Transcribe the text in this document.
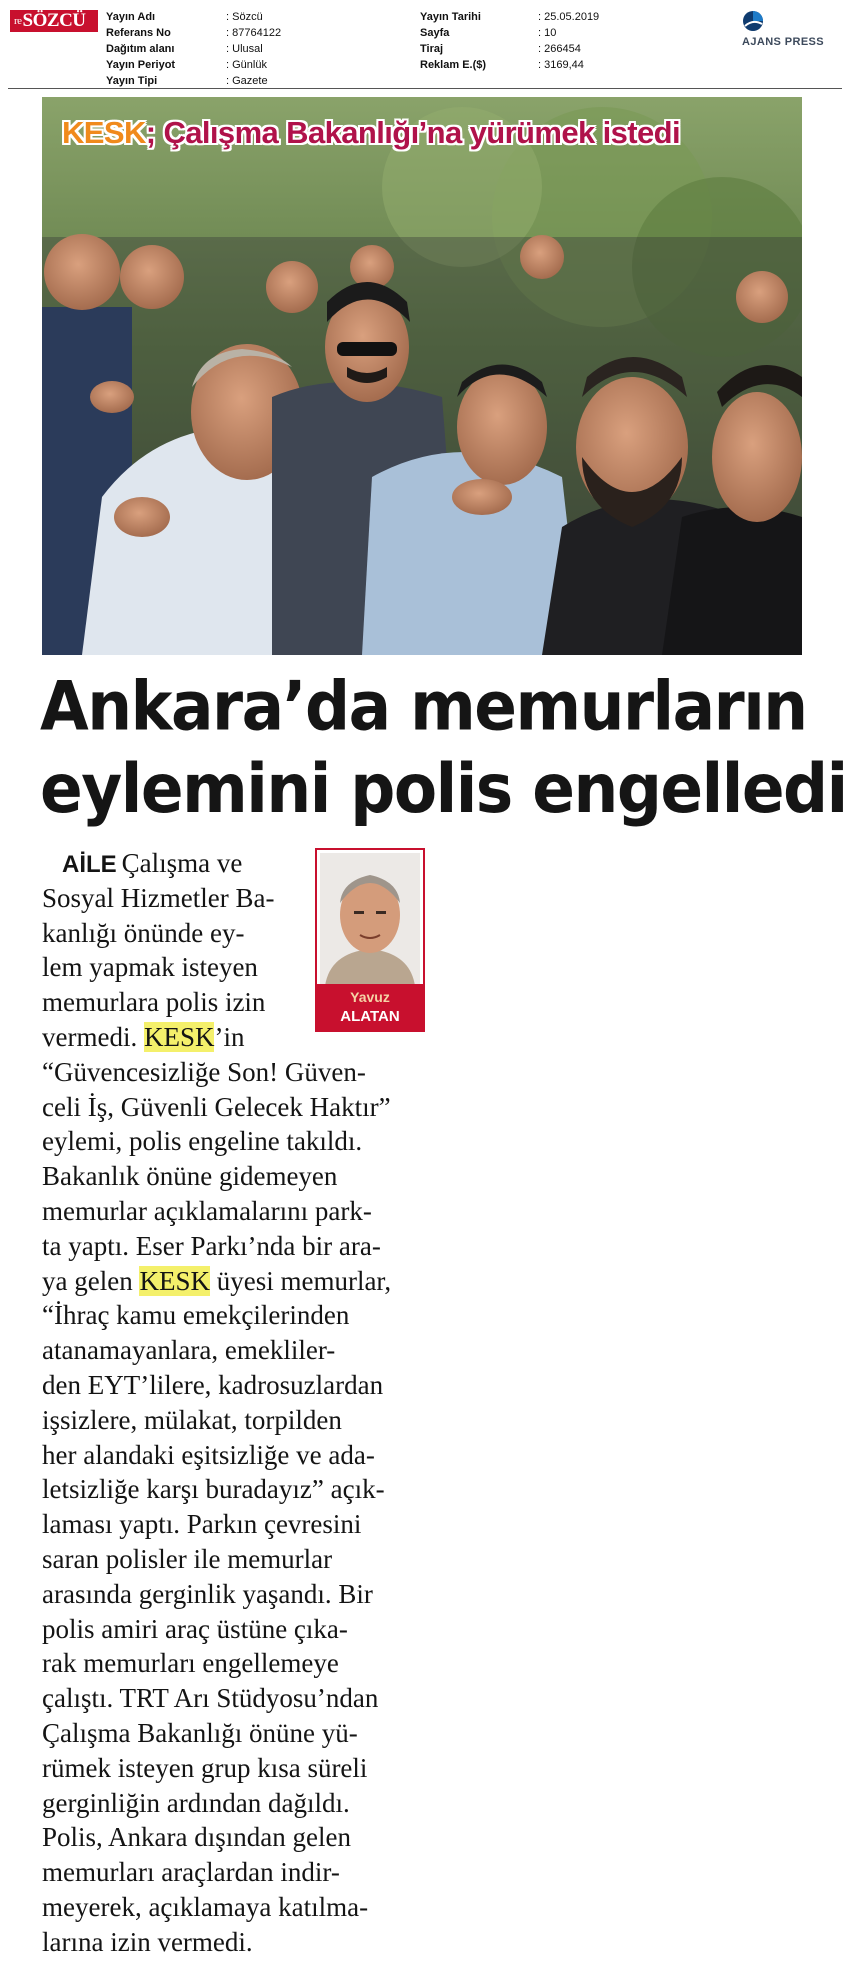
reSÖZCÜ	Yayın Adı	: Sözcü
Referans No	: 87764122
Dağıtım alanı	: Ulusal
Yayın Periyot	: Günlük
Yayın Tipi	: Gazete
Yayın Tarihi	: 25.05.2019
Sayfa	: 10
Tiraj	: 266454
Reklam E.($)	: 3169,44
AJANS PRESS
KESK; Çalışma Bakanlığı’na yürümek istedi
Ankara’da memurların
eylemini polis engelledi
AİLE Çalışma ve
Sosyal Hizmetler Ba-
kanlığı önünde ey-
lem yapmak isteyen
memurlara polis izin
vermedi. KESK’in
“Güvencesizliğe Son! Güven-
celi İş, Güvenli Gelecek Haktır”
eylemi, polis engeline takıldı.
Bakanlık önüne gidemeyen
memurlar açıklamalarını park-
ta yaptı. Eser Parkı’nda bir ara-
ya gelen KESK üyesi memurlar,
“İhraç kamu emekçilerinden
atanamayanlara, emekliler-
den EYT’lilere, kadrosuzlardan
işsizlere, mülakat, torpilden
her alandaki eşitsizliğe ve ada-
letsizliğe karşı buradayız” açık-
laması yaptı. Parkın çevresini
saran polisler ile memurlar
arasında gerginlik yaşandı. Bir
polis amiri araç üstüne çıka-
rak memurları engellemeye
çalıştı. TRT Arı Stüdyosu’ndan
Çalışma Bakanlığı önüne yü-
rümek isteyen grup kısa süreli
gerginliğin ardından dağıldı.
Polis, Ankara dışından gelen
memurları araçlardan indir-
meyerek, açıklamaya katılma-
larına izin vermedi.
Yavuz
ALATAN
